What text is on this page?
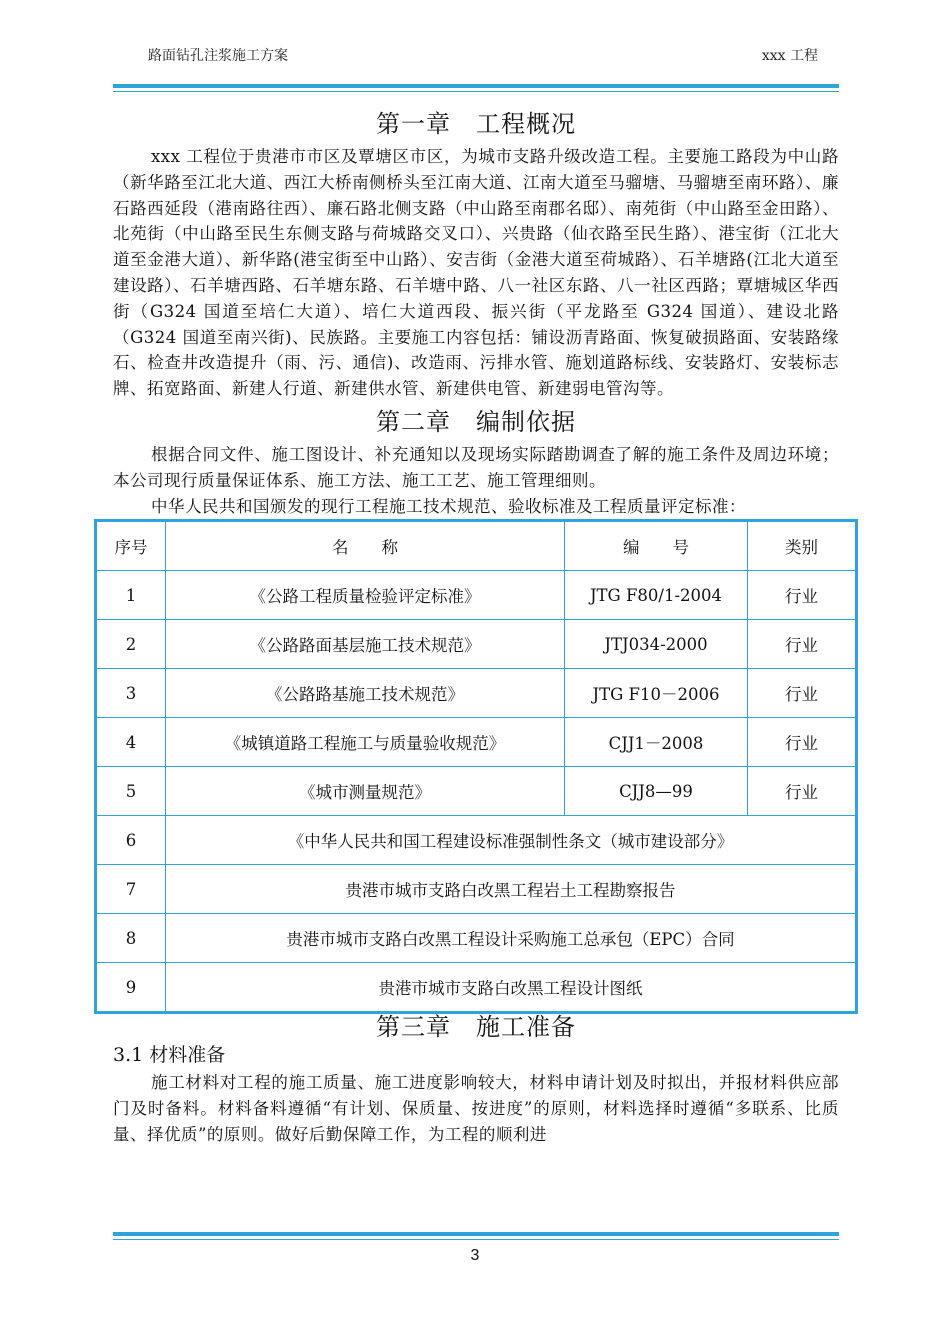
路面钻孔注浆施工方案	xxx 工程
第一章　工程概况

xxx 工程位于贵港市市区及覃塘区市区，为城市支路升级改造工程。主要施工路段为中山路（新华路至江北大道、西江大桥南侧桥头至江南大道、江南大道至马骝塘、马骝塘至南环路）、廉石路西延段（港南路往西）、廉石路北侧支路（中山路至南郡名邸）、南苑街（中山路至金田路）、北苑街（中山路至民生东侧支路与荷城路交叉口）、兴贵路（仙衣路至民生路）、港宝街（江北大道至金港大道）、新华路(港宝街至中山路）、安吉街（金港大道至荷城路）、石羊塘路(江北大道至建设路）、石羊塘西路、石羊塘东路、石羊塘中路、八一社区东路、八一社区西路；覃塘城区华西街（G324 国道至培仁大道）、培仁大道西段、振兴街（平龙路至 G324 国道）、建设北路（G324 国道至南兴街)、民族路。主要施工内容包括：铺设沥青路面、恢复破损路面、安装路缘石、检查井改造提升（雨、污、通信)、改造雨、污排水管、施划道路标线、安装路灯、安装标志牌、拓宽路面、新建人行道、新建供水管、新建供电管、新建弱电管沟等。

第二章　编制依据

根据合同文件、施工图设计、补充通知以及现场实际踏勘调查了解的施工条件及周边环境；本公司现行质量保证体系、施工方法、施工工艺、施工管理细则。

中华人民共和国颁发的现行工程施工技术规范、验收标准及工程质量评定标准：

序号	名　　称	编　　号	类别
1	《公路工程质量检验评定标准》	JTG F80/1-2004	行业
2	《公路路面基层施工技术规范》	JTJ034-2000	行业
3	《公路路基施工技术规范》	JTG F10－2006	行业
4	《城镇道路工程施工与质量验收规范》	CJJ1－2008	行业
5	《城市测量规范》	CJJ8—99	行业
6	《中华人民共和国工程建设标准强制性条文（城市建设部分》		
7	贵港市城市支路白改黑工程岩土工程勘察报告		
8	贵港市城市支路白改黑工程设计采购施工总承包（EPC）合同		
9	贵港市城市支路白改黑工程设计图纸		
第三章　施工准备
3.1 材料准备

施工材料对工程的施工质量、施工进度影响较大，材料申请计划及时拟出，并报材料供应部门及时备料。材料备料遵循“有计划、保质量、按进度”的原则，材料选择时遵循“多联系、比质量、择优质”的原则。做好后勤保障工作，为工程的顺利进

3
